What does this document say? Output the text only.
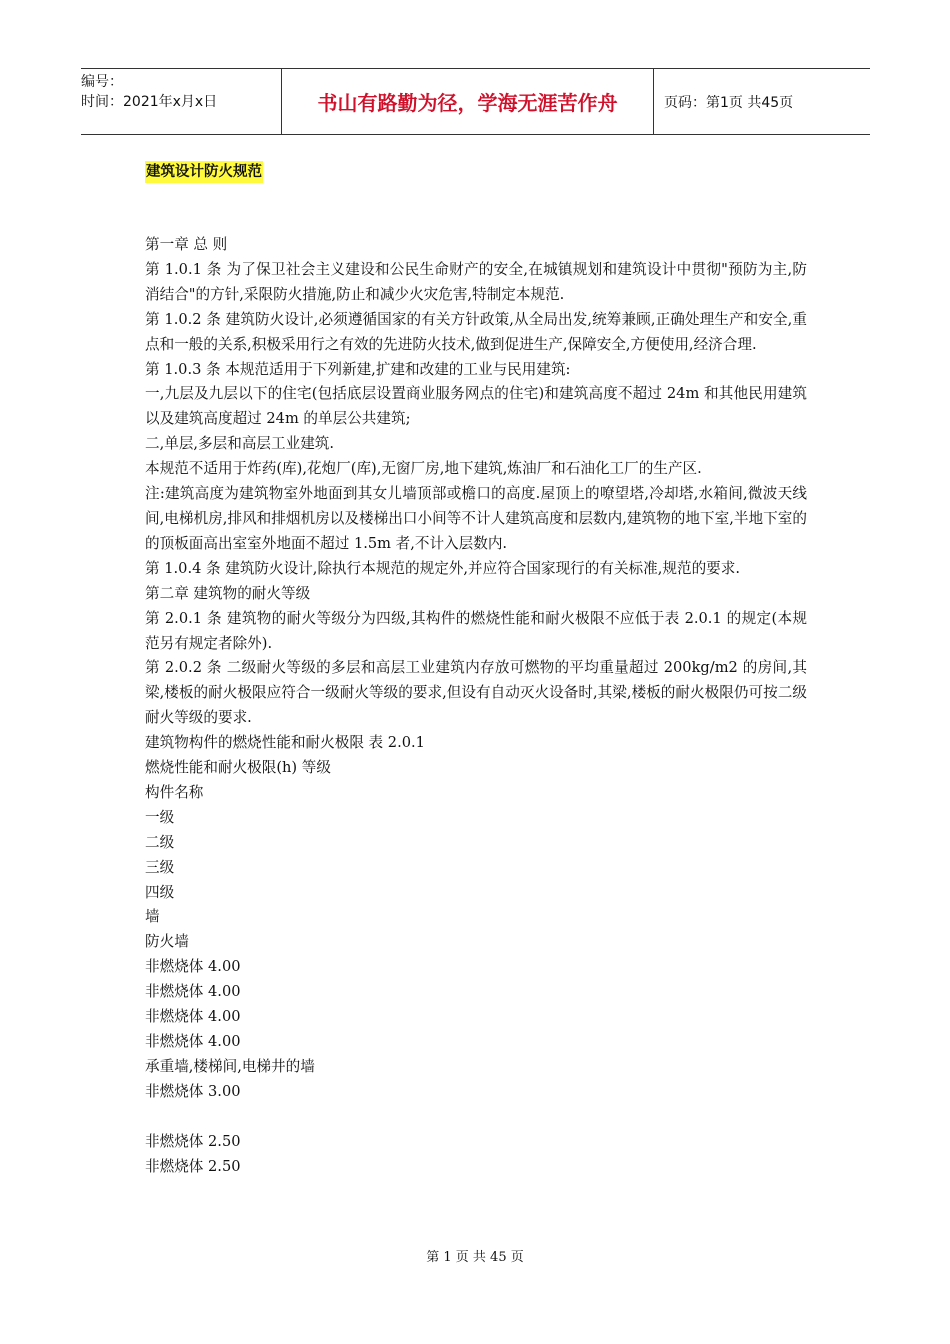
编号：
时间：2021年x月x日	书山有路勤为径，学海无涯苦作舟	页码：第1页 共45页
建筑设计防火规范

第一章 总 则

第 1.0.1 条 为了保卫社会主义建设和公民生命财产的安全,在城镇规划和建筑设计中贯彻"预防为主,防消结合"的方针,采限防火措施,防止和减少火灾危害,特制定本规范.

第 1.0.2 条 建筑防火设计,必须遵循国家的有关方针政策,从全局出发,统筹兼顾,正确处理生产和安全,重点和一般的关系,积极采用行之有效的先进防火技术,做到促进生产,保障安全,方便使用,经济合理.

第 1.0.3 条 本规范适用于下列新建,扩建和改建的工业与民用建筑:

一,九层及九层以下的住宅(包括底层设置商业服务网点的住宅)和建筑高度不超过 24m 和其他民用建筑以及建筑高度超过 24m 的单层公共建筑;

二,单层,多层和高层工业建筑.

本规范不适用于炸药(库),花炮厂(库),无窗厂房,地下建筑,炼油厂和石油化工厂的生产区.

注:建筑高度为建筑物室外地面到其女儿墙顶部或檐口的高度.屋顶上的嘹望塔,冷却塔,水箱间,微波天线间,电梯机房,排风和排烟机房以及楼梯出口小间等不计人建筑高度和层数内,建筑物的地下室,半地下室的的顶板面高出室室外地面不超过 1.5m 者,不计入层数内.

第 1.0.4 条 建筑防火设计,除执行本规范的规定外,并应符合国家现行的有关标准,规范的要求.

第二章 建筑物的耐火等级

第 2.0.1 条 建筑物的耐火等级分为四级,其构件的燃烧性能和耐火极限不应低于表 2.0.1 的规定(本规范另有规定者除外).

第 2.0.2 条 二级耐火等级的多层和高层工业建筑内存放可燃物的平均重量超过 200kg/m2 的房间,其梁,楼板的耐火极限应符合一级耐火等级的要求,但设有自动灭火设备时,其梁,楼板的耐火极限仍可按二级耐火等级的要求.

建筑物构件的燃烧性能和耐火极限 表 2.0.1

燃烧性能和耐火极限(h) 等级

构件名称

一级

二级

三级

四级

墙

防火墙

非燃烧体 4.00

非燃烧体 4.00

非燃烧体 4.00

非燃烧体 4.00

承重墙,楼梯间,电梯井的墙

非燃烧体 3.00

非燃烧体 2.50

非燃烧体 2.50

第 1 页 共 45 页
